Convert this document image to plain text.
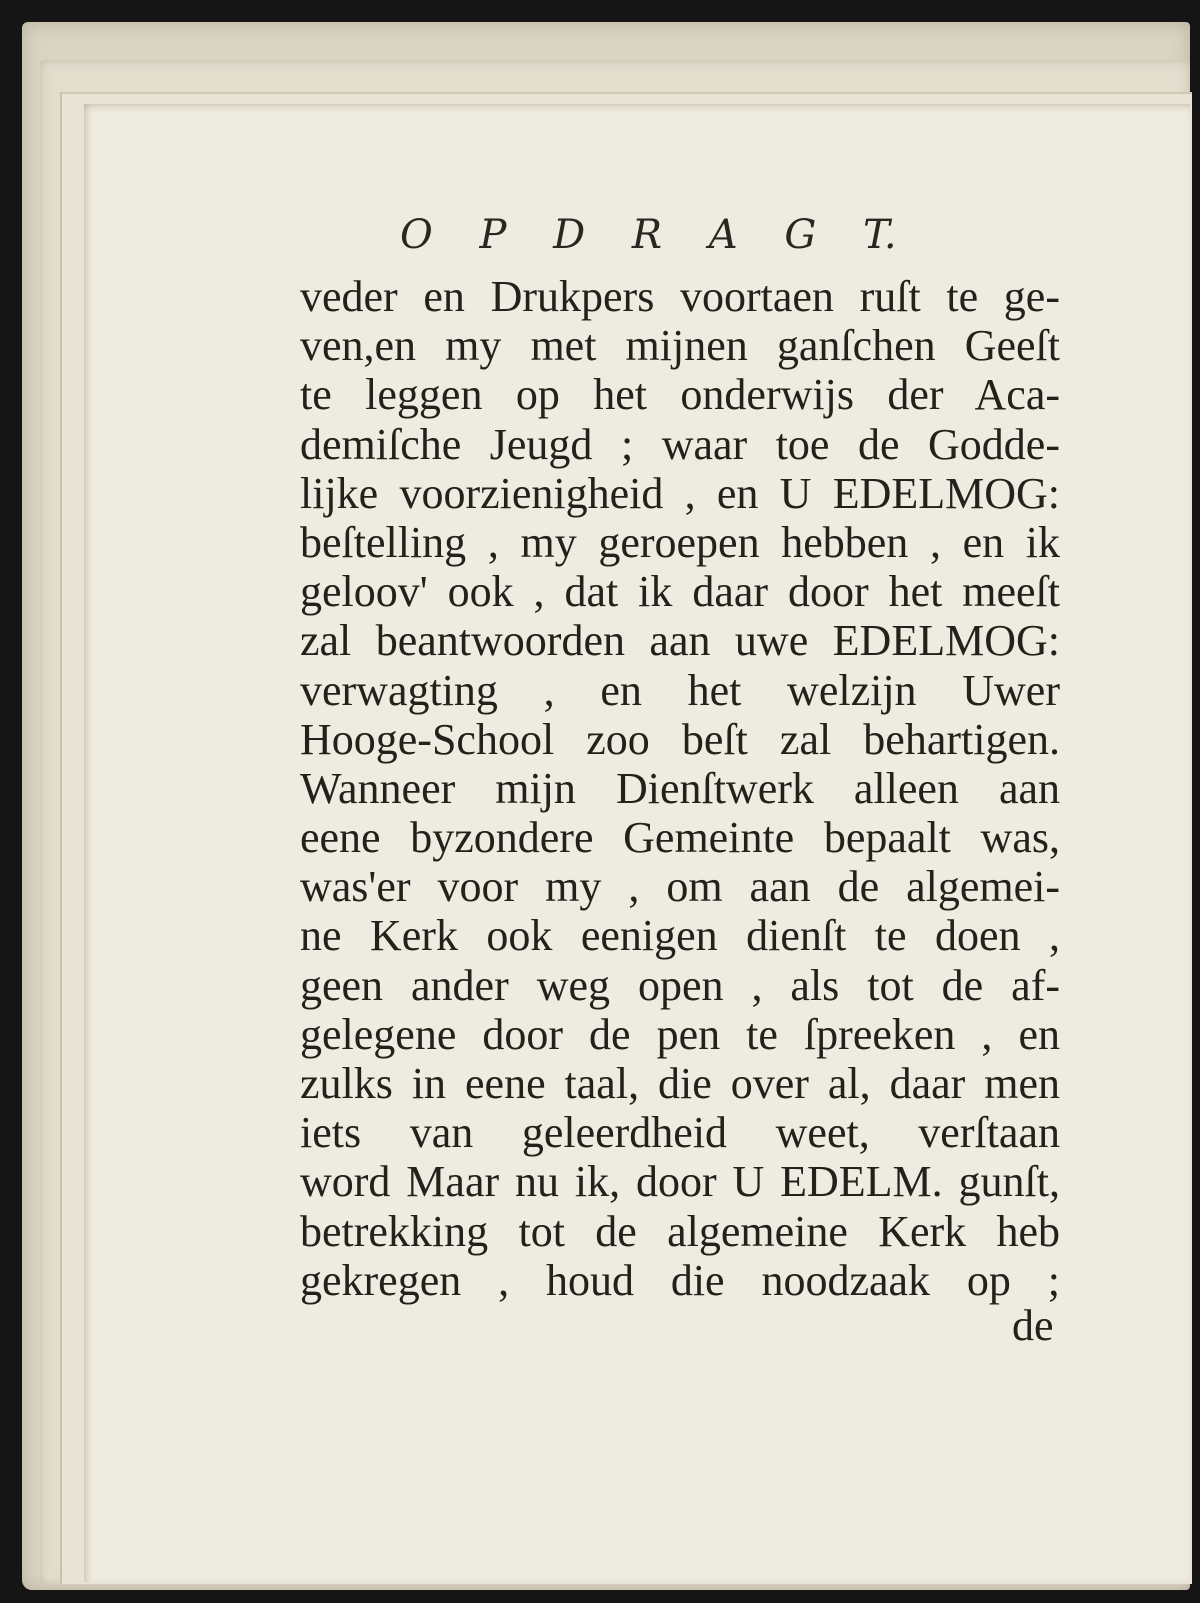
O P D R A G T.
veder en Drukpers voortaen ruſt te ge-
ven,en my met mijnen ganſchen Geeſt
te leggen op het onderwijs der Aca-
demiſche Jeugd ; waar toe de Godde-
lijke voorzienigheid , en U EDELMOG:
beſtelling , my geroepen hebben , en ik
geloov' ook , dat ik daar door het meeſt
zal beantwoorden aan uwe EDELMOG:
verwagting , en het welzijn Uwer
Hooge-School zoo beſt zal behartigen.
Wanneer mijn Dienſtwerk alleen aan
eene byzondere Gemeinte bepaalt was,
was'er voor my , om aan de algemei-
ne Kerk ook eenigen dienſt te doen ,
geen ander weg open , als tot de af-
gelegene door de pen te ſpreeken , en
zulks in eene taal, die over al, daar men
iets van geleerdheid weet, verſtaan
word Maar nu ik, door U EDELM. gunſt,
betrekking tot de algemeine Kerk heb
gekregen , houd die noodzaak op ;
de
